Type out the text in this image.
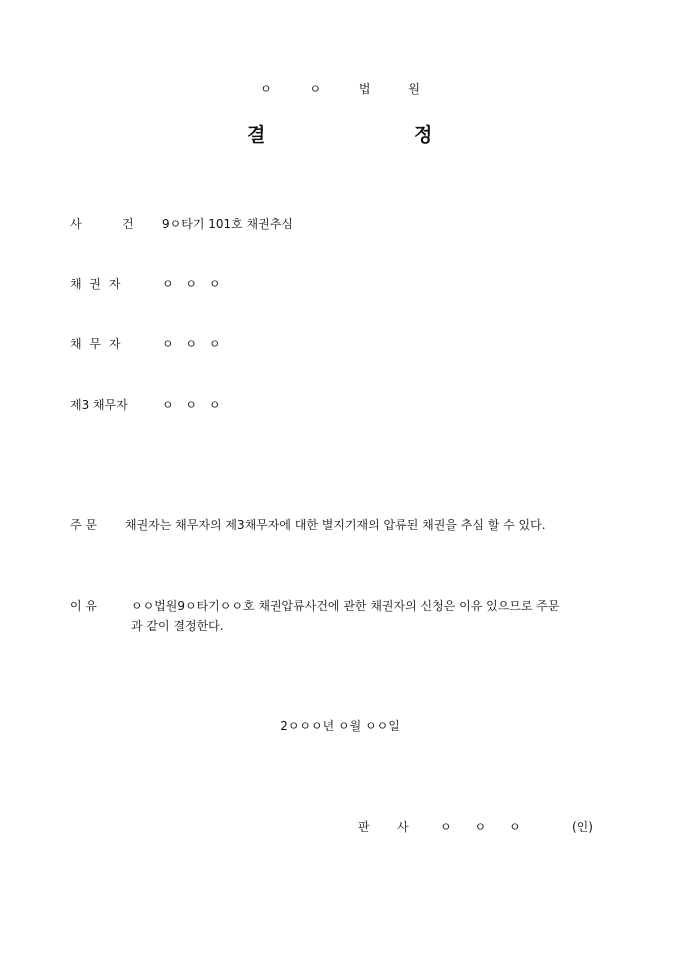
ㅇ	ㅇ	법	원
결	정
사	건 9ㅇ타기 101호 채권추심
채 권 자	ㅇ ㅇ ㅇ
채 무 자	ㅇ ㅇ ㅇ
제3 채무자	ㅇ ㅇ ㅇ
주 문 채권자는 채무자의 제3채무자에 대한 별지기재의 압류된 채권을 추심 할 수 있다.
이 유	ㅇㅇ법원9ㅇ타기ㅇㅇ호 채권압류사건에 관한 채권자의 신청은 이유 있으므로 주문
과 같이 결정한다.
2ㅇㅇㅇ년 ㅇ월 ㅇㅇ일
판 사	ㅇ      ㅇ      ㅇ	(인)
